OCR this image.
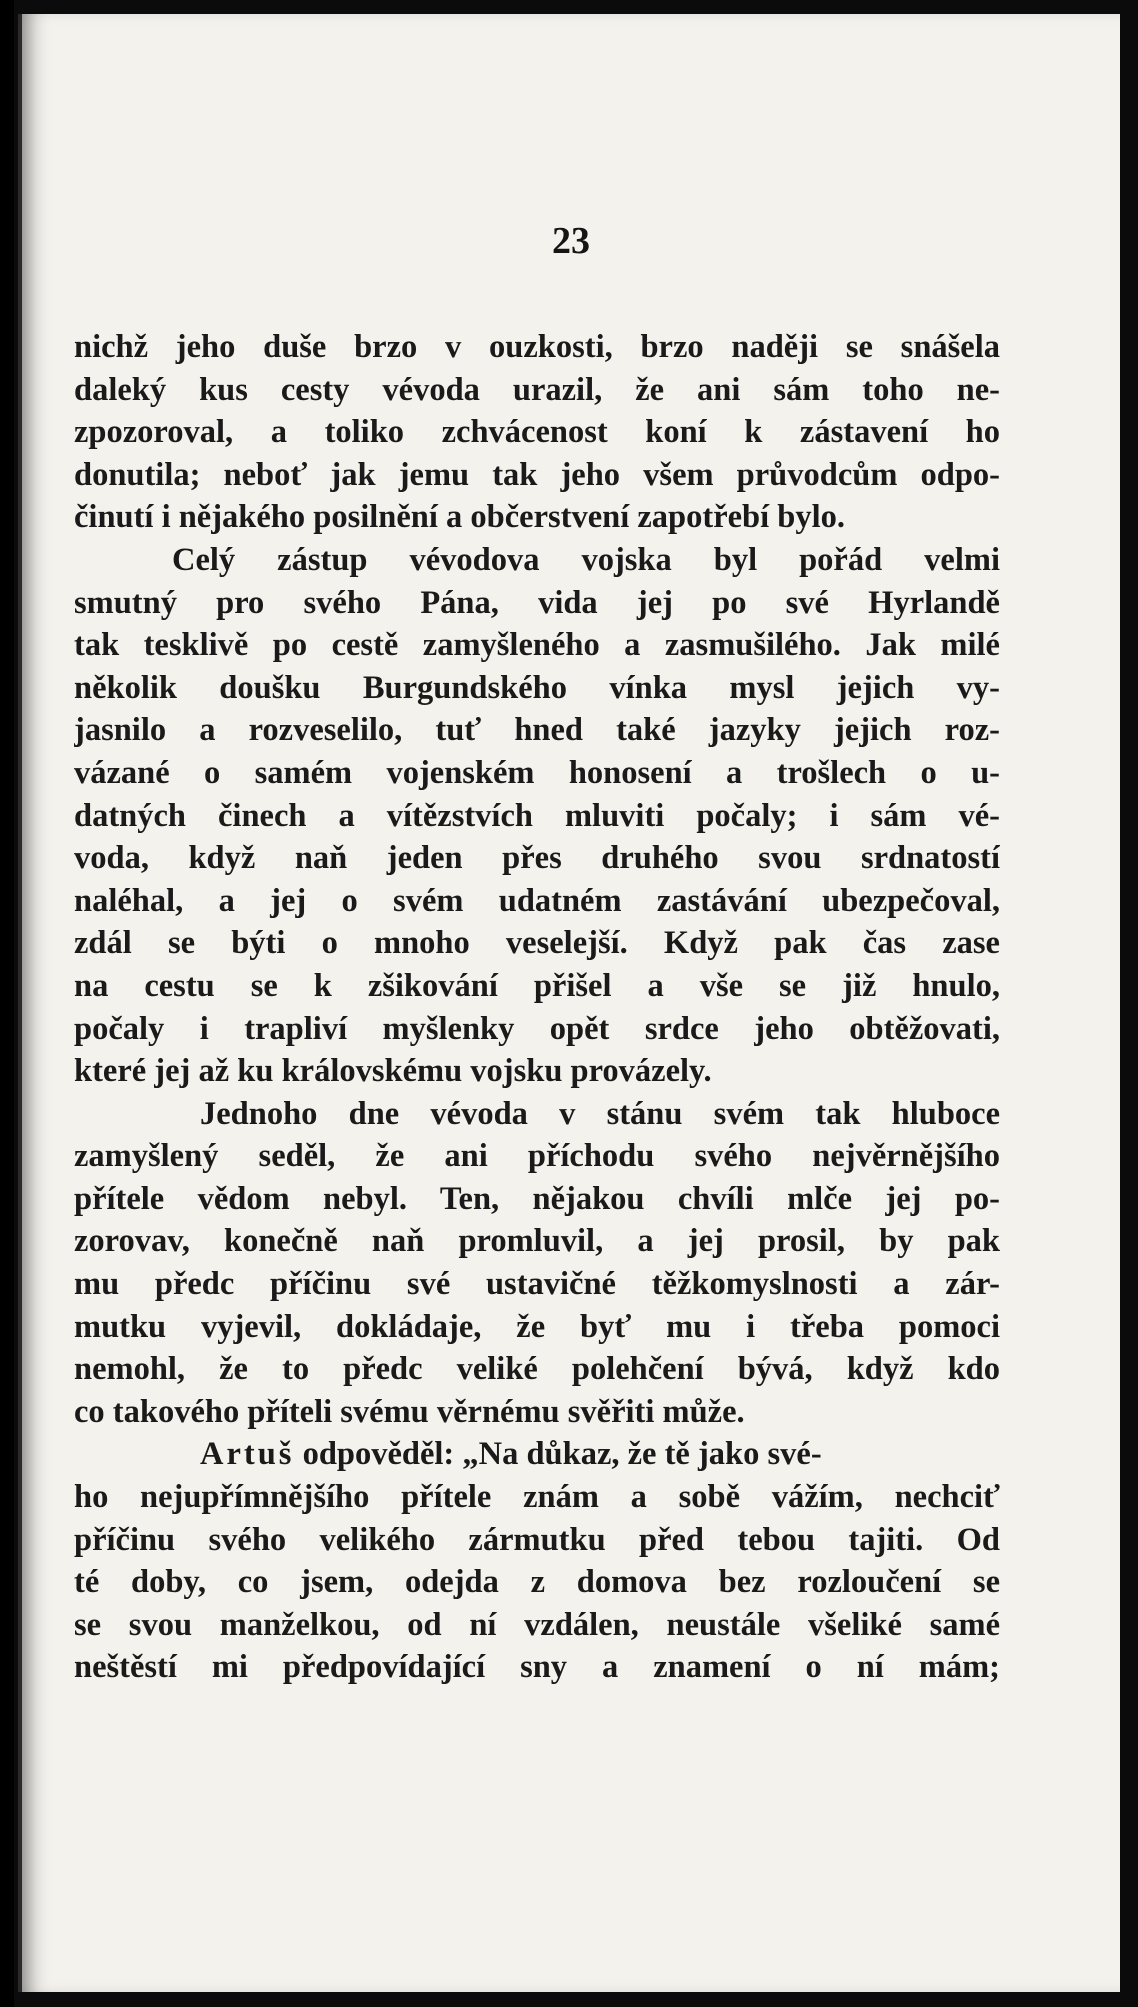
23
nichž jeho duše brzo v ouzkosti, brzo naději se snášela
daleký kus cesty vévoda urazil, že ani sám toho ne-
zpozoroval, a toliko zchvácenost koní k zástavení ho
donutila; neboť jak jemu tak jeho všem průvodcům odpo-
činutí i nějakého posilnění a občerstvení zapotřebí bylo.
Celý zástup vévodova vojska byl pořád velmi
smutný pro svého Pána, vida jej po své Hyrlandě
tak tesklivě po cestě zamyšleného a zasmušilého. Jak milé
několik doušku Burgundského vínka mysl jejich vy-
jasnilo a rozveselilo, tuť hned také jazyky jejich roz-
vázané o samém vojenském honosení a trošlech o u-
datných činech a vítězstvích mluviti počaly; i sám vé-
voda, když naň jeden přes druhého svou srdnatostí
naléhal, a jej o svém udatném zastávání ubezpečoval,
zdál se býti o mnoho veselejší. Když pak čas zase
na cestu se k zšikování přišel a vše se již hnulo,
počaly i trapliví myšlenky opět srdce jeho obtěžovati,
které jej až ku královskému vojsku provázely.
Jednoho dne vévoda v stánu svém tak hluboce
zamyšlený seděl, že ani příchodu svého nejvěrnějšího
přítele vědom nebyl. Ten, nějakou chvíli mlče jej po-
zorovav, konečně naň promluvil, a jej prosil, by pak
mu předc příčinu své ustavičné těžkomyslnosti a zár-
mutku vyjevil, dokládaje, že byť mu i třeba pomoci
nemohl, že to předc veliké polehčení bývá, když kdo
co takového příteli svému věrnému svěřiti může.
Artuš odpověděl: „Na důkaz, že tě jako své-
ho nejupřímnějšího přítele znám a sobě vážím, nechciť
příčinu svého velikého zármutku před tebou tajiti. Od
té doby, co jsem, odejda z domova bez rozloučení se
se svou manželkou, od ní vzdálen, neustále všeliké samé
neštěstí mi předpovídající sny a znamení o ní mám;
